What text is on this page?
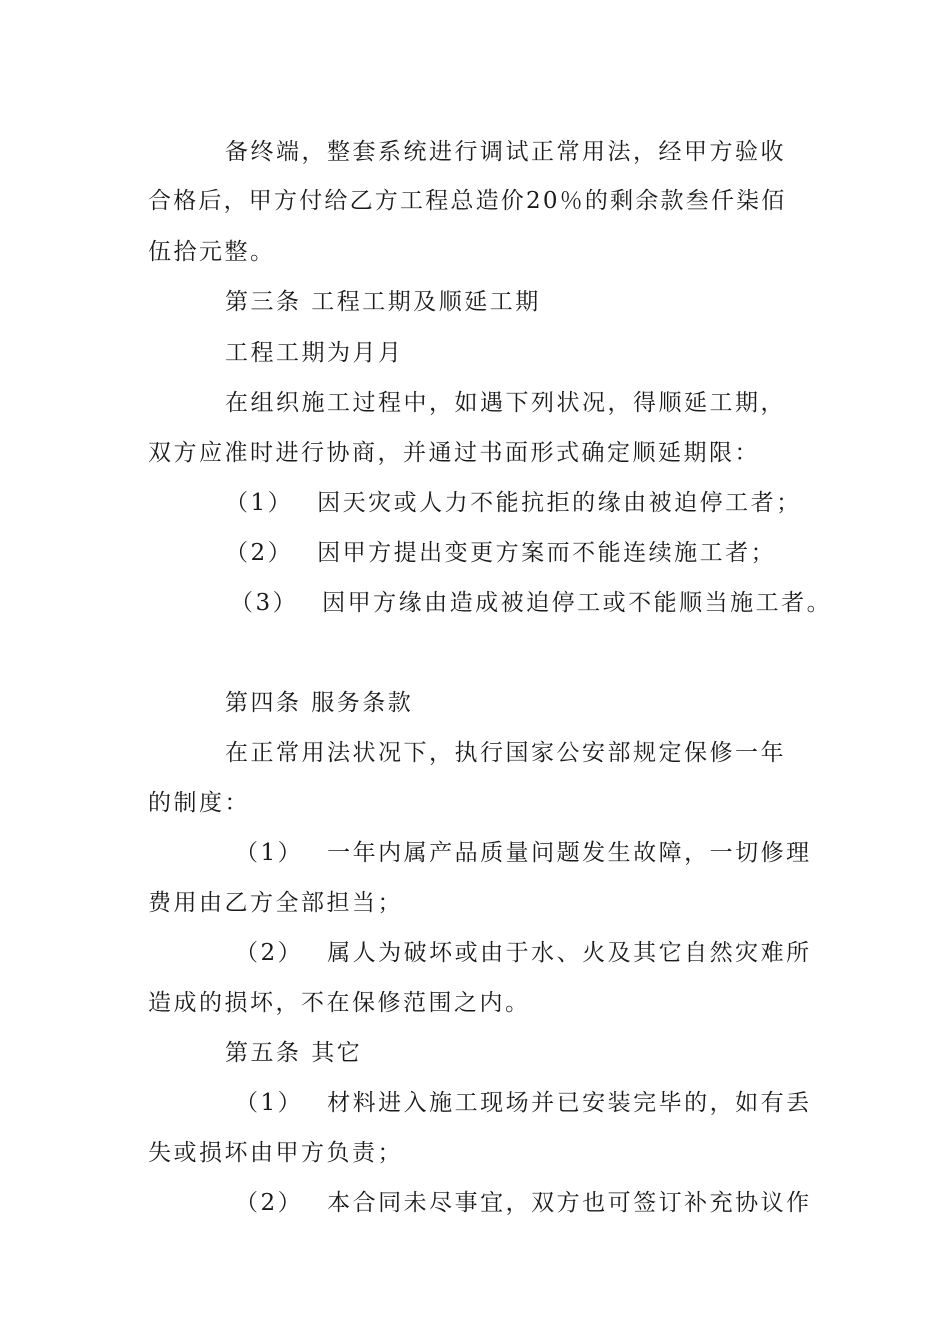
备终端，整套系统进行调试正常用法，经甲方验收
合格后，甲方付给乙方工程总造价20％的剩余款叁仟柒佰
伍拾元整。
第三条 工程工期及顺延工期
工程工期为月月
在组织施工过程中，如遇下列状况，得顺延工期，
双方应准时进行协商，并通过书面形式确定顺延期限：
（1） 因天灾或人力不能抗拒的缘由被迫停工者；
（2） 因甲方提出变更方案而不能连续施工者；
（3） 因甲方缘由造成被迫停工或不能顺当施工者。
第四条 服务条款
在正常用法状况下，执行国家公安部规定保修一年
的制度：
（1） 一年内属产品质量问题发生故障，一切修理
费用由乙方全部担当；
（2） 属人为破坏或由于水、火及其它自然灾难所
造成的损坏，不在保修范围之内。
第五条 其它
（1） 材料进入施工现场并已安装完毕的，如有丢
失或损坏由甲方负责；
（2） 本合同未尽事宜，双方也可签订补充协议作
